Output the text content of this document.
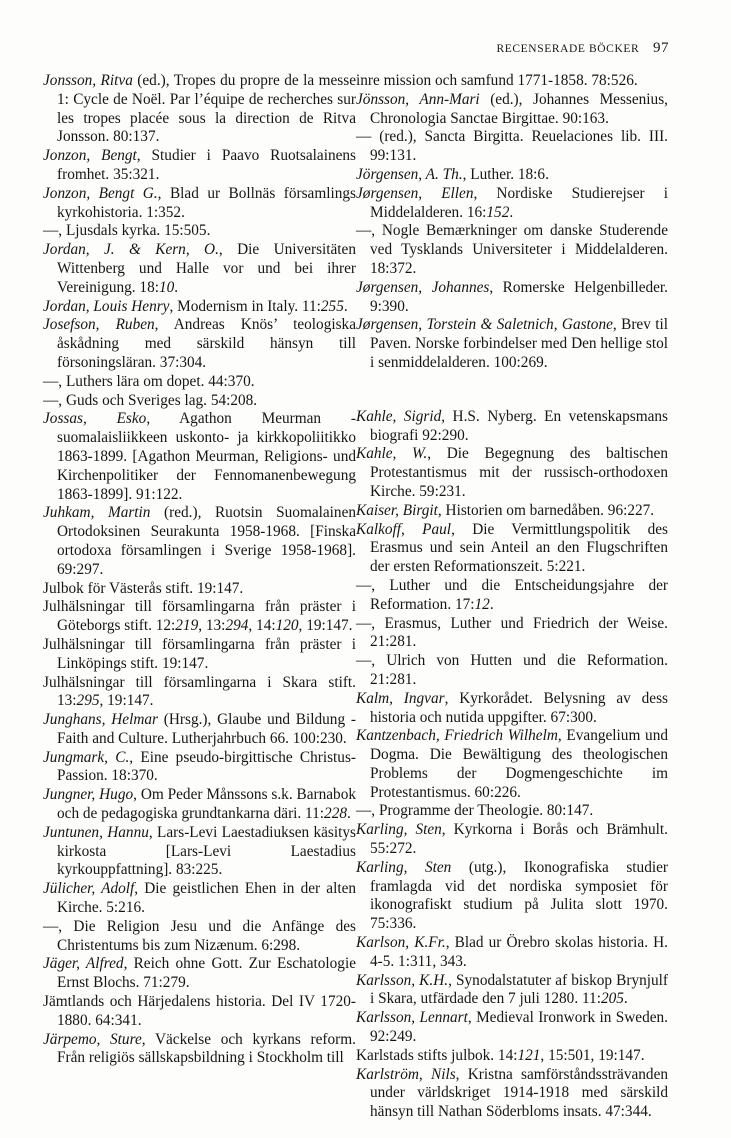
RECENSERADE BÖCKER 97

Jonsson, Ritva (ed.), Tropes du propre de la messe 1: Cycle de Noël. Par l’équipe de recherches sur les tropes placée sous la direction de Ritva Jonsson. 80:137.

Jonzon, Bengt, Studier i Paavo Ruotsalainens fromhet. 35:321.

Jonzon, Bengt G., Blad ur Bollnäs församlings kyrkohistoria. 1:352.

—, Ljusdals kyrka. 15:505.

Jordan, J. & Kern, O., Die Universitäten Wittenberg und Halle vor und bei ihrer Vereinigung. 18:10.

Jordan, Louis Henry, Modernism in Italy. 11:255.

Josefson, Ruben, Andreas Knös’ teologiska åskådning med särskild hänsyn till försoningsläran. 37:304.

—, Luthers lära om dopet. 44:370.

—, Guds och Sveriges lag. 54:208.

Jossas, Esko, Agathon Meurman - suomalaisliikkeen uskonto- ja kirkkopoliitikko 1863-1899. [Agathon Meurman, Religions- und Kirchenpolitiker der Fennomanenbewegung 1863-1899]. 91:122.

Juhkam, Martin (red.), Ruotsin Suomalainen Ortodoksinen Seurakunta 1958-1968. [Finska ortodoxa församlingen i Sverige 1958-1968]. 69:297.

Julbok för Västerås stift. 19:147.

Julhälsningar till församlingarna från präster i Göteborgs stift. 12:219, 13:294, 14:120, 19:147.

Julhälsningar till församlingarna från präster i Linköpings stift. 19:147.

Julhälsningar till församlingarna i Skara stift. 13:295, 19:147.

Junghans, Helmar (Hrsg.), Glaube und Bildung - Faith and Culture. Lutherjahrbuch 66. 100:230.

Jungmark, C., Eine pseudo-birgittische Christus-Passion. 18:370.

Jungner, Hugo, Om Peder Månssons s.k. Barnabok och de pedagogiska grundtankarna däri. 11:228.

Juntunen, Hannu, Lars-Levi Laestadiuksen käsitys kirkosta [Lars-Levi Laestadius kyrkouppfattning]. 83:225.

Jülicher, Adolf, Die geistlichen Ehen in der alten Kirche. 5:216.

—, Die Religion Jesu und die Anfänge des Christentums bis zum Nizænum. 6:298.

Jäger, Alfred, Reich ohne Gott. Zur Eschatologie Ernst Blochs. 71:279.

Jämtlands och Härjedalens historia. Del IV 1720-1880. 64:341.

Järpemo, Sture, Väckelse och kyrkans reform. Från religiös sällskapsbildning i Stockholm till

inre mission och samfund 1771-1858. 78:526.

Jönsson, Ann-Mari (ed.), Johannes Messenius, Chronologia Sanctae Birgittae. 90:163.

— (red.), Sancta Birgitta. Reuelaciones lib. III. 99:131.

Jörgensen, A. Th., Luther. 18:6.

Jørgensen, Ellen, Nordiske Studierejser i Middelalderen. 16:152.

—, Nogle Bemærkninger om danske Studerende ved Tysklands Universiteter i Middelalderen. 18:372.

Jørgensen, Johannes, Romerske Helgenbilleder. 9:390.

Jørgensen, Torstein & Saletnich, Gastone, Brev til Paven. Norske forbindelser med Den hellige stol i senmiddelalderen. 100:269.

Kahle, Sigrid, H.S. Nyberg. En vetenskapsmans biografi 92:290.

Kahle, W., Die Begegnung des baltischen Protestantismus mit der russisch-orthodoxen Kirche. 59:231.

Kaiser, Birgit, Historien om barnedåben. 96:227.

Kalkoff, Paul, Die Vermittlungspolitik des Erasmus und sein Anteil an den Flugschriften der ersten Reformationszeit. 5:221.

—, Luther und die Entscheidungsjahre der Reformation. 17:12.

—, Erasmus, Luther und Friedrich der Weise. 21:281.

—, Ulrich von Hutten und die Reformation. 21:281.

Kalm, Ingvar, Kyrkorådet. Belysning av dess historia och nutida uppgifter. 67:300.

Kantzenbach, Friedrich Wilhelm, Evangelium und Dogma. Die Bewältigung des theologischen Problems der Dogmengeschichte im Protestantismus. 60:226.

—, Programme der Theologie. 80:147.

Karling, Sten, Kyrkorna i Borås och Brämhult. 55:272.

Karling, Sten (utg.), Ikonografiska studier framlagda vid det nordiska symposiet för ikonografiskt studium på Julita slott 1970. 75:336.

Karlson, K.Fr., Blad ur Örebro skolas historia. H. 4-5. 1:311, 343.

Karlsson, K.H., Synodalstatuter af biskop Brynjulf i Skara, utfärdade den 7 juli 1280. 11:205.

Karlsson, Lennart, Medieval Ironwork in Sweden. 92:249.

Karlstads stifts julbok. 14:121, 15:501, 19:147.

Karlström, Nils, Kristna samförståndssträvanden under världskriget 1914-1918 med särskild hänsyn till Nathan Söderbloms insats. 47:344.
